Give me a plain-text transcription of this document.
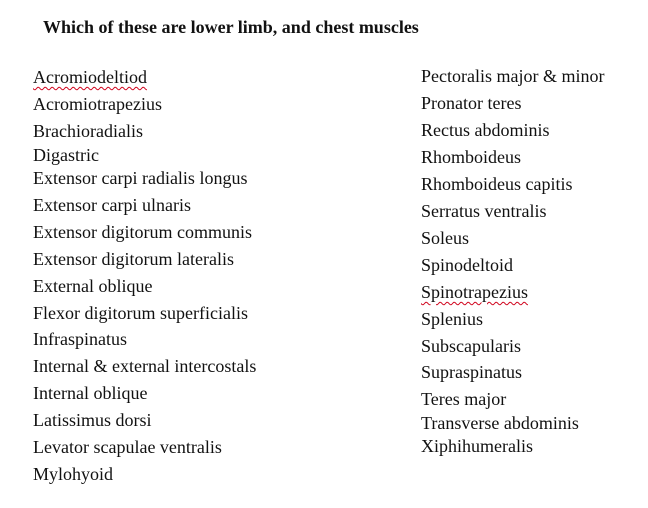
Which of these are lower limb, and chest muscles
Acromiodeltiod
Acromiotrapezius
Brachioradialis
Digastric
Extensor carpi radialis longus
Extensor carpi ulnaris
Extensor digitorum communis
Extensor digitorum lateralis
External oblique
Flexor digitorum superficialis
Infraspinatus
Internal & external intercostals
Internal oblique
Latissimus dorsi
Levator scapulae ventralis
Mylohyoid
Pectoralis major & minor
Pronator teres
Rectus abdominis
Rhomboideus
Rhomboideus capitis
Serratus ventralis
Soleus
Spinodeltoid
Spinotrapezius
Splenius
Subscapularis
Supraspinatus
Teres major
Transverse abdominis
Xiphihumeralis
